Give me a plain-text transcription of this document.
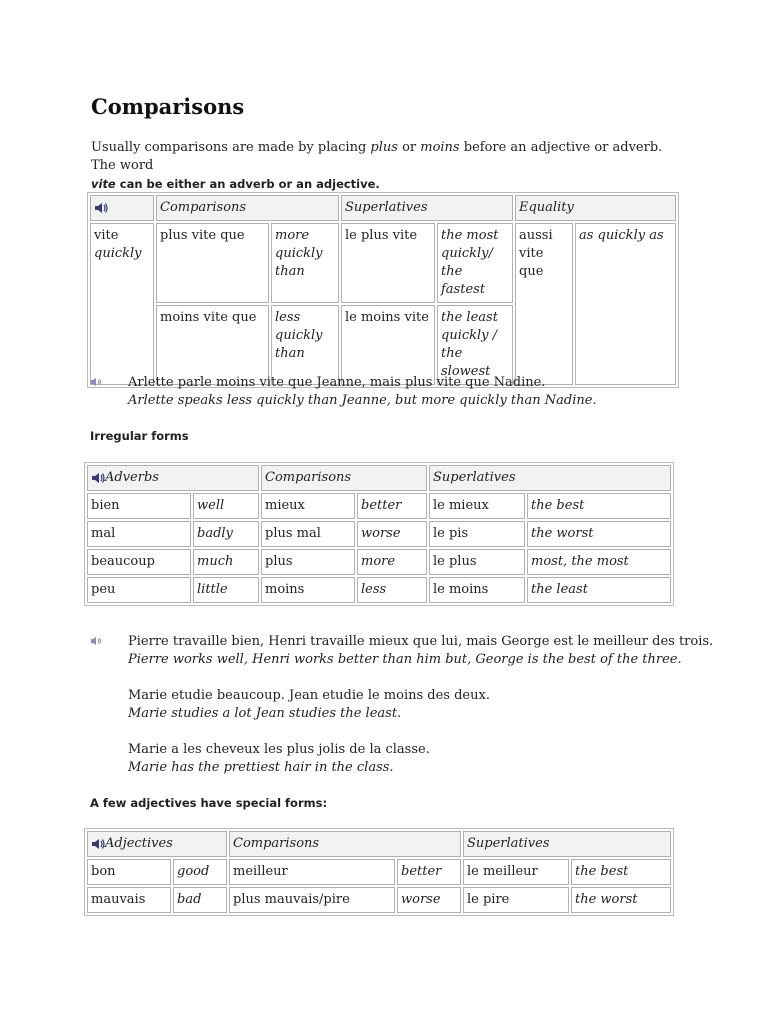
Comparisons
Usually comparisons are made by placing plus or moins before an adjective or adverb. The word
vite can be either an adverb or an adjective.
	Comparisons		Superlatives		Equality	
vite
quickly	plus vite que	more quickly than	le plus vite	the most quickly/ the fastest	aussi vite que	as quickly as
	moins vite que	less quickly than	le moins vite	the least quickly / the slowest		
Arlette parle moins vite que Jeanne, mais plus vite que Nadine.
Arlette speaks less quickly than Jeanne, but more quickly than Nadine.
Irregular forms
Adverbs		Comparisons		Superlatives	
bien	well	mieux	better	le mieux	the best
mal	badly	plus mal	worse	le pis	the worst
beaucoup	much	plus	more	le plus	most, the most
peu	little	moins	less	le moins	the least
Pierre travaille bien, Henri travaille mieux que lui, mais George est le meilleur des trois.
Pierre works well, Henri works better than him but, George is the best of the three.
Marie etudie beaucoup. Jean etudie le moins des deux.
Marie studies a lot Jean studies the least.
Marie a les cheveux les plus jolis de la classe.
Marie has the prettiest hair in the class.
A few adjectives have special forms:
Adjectives		Comparisons		Superlatives	
bon	good	meilleur	better	le meilleur	the best
mauvais	bad	plus mauvais/pire	worse	le pire	the worst
